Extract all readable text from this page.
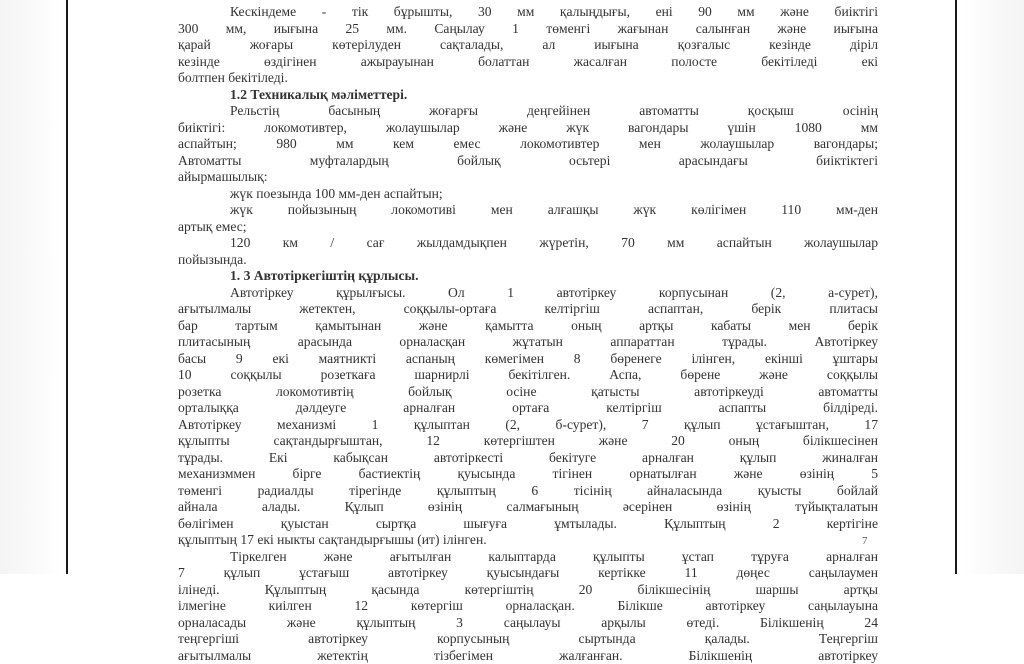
Кескіндеме - тік бұрышты, 30 мм қалыңдығы, ені 90 мм және биіктігі
300 мм, иығына 25 мм. Саңылау 1 төменгі жағынан салынған және иығына
қарай жоғары көтерілуден сақталады, ал иығына қозғалыс кезінде діріл
кезінде өздігінен ажырауынан болаттан жасалған полосте бекітіледі екі
болтпен бекітіледі.
1.2 Техникалық мәліметтері.
Рельстің басының жоғарғы деңгейінен автоматты қосқыш осінің
биіктігі: локомотивтер, жолаушылар және жүк вагондары үшін 1080 мм
аспайтын; 980 мм кем емес локомотивтер мен жолаушылар вагондары;
Автоматты муфталардың бойлық осьтері арасындағы биіктіктегі
айырмашылық:
жүк поезында 100 мм-ден аспайтын;
жүк пойызының локомотиві мен алғашқы жүк көлігімен 110 мм-ден
артық емес;
120 км / сағ жылдамдықпен жүретін, 70 мм аспайтын жолаушылар
пойызында.
1. 3 Автотіркегіштің құрлысы.
Автотіркеу құрылғысы. Ол 1 автотіркеу корпусынан (2, а-сурет),
ағытылмалы жетектен, соққылы-ортаға келтіргіш аспаптан, берік плитасы
бар тартым қамытынан және қамытта оның артқы кабаты мен берік
плитасының арасында орналасқан жұтатын аппараттан тұрады. Автотіркеу
басы 9 екі маятникті аспаның көмегімен 8 бөренеге ілінген, екінші ұштары
10 соққылы розеткаға шарнирлі бекітілген. Аспа, бөрене және соққылы
розетка локомотивтің бойлық осіне қатысты автотіркеуді автоматты
орталыққа дәлдеуге арналған ортаға келтіргіш аспапты білдіреді.
Автотіркеу механизмі 1 құлыптан (2, б-сурет), 7 құлып ұстағыштан, 17
құлыпты сақтандырғыштан, 12 көтергіштен және 20 оның білікшесінен
тұрады. Екі кабықсан автотіркесті бекітуге арналған құлып жиналған
механизммен бірге бастиектің қуысында тігінен орнатылған және өзінің 5
төменгі радиалды тірегінде құлыптың 6 тісінің айналасында қуысты бойлай
айнала алады. Құлып өзінің салмағының әсерінен өзінің түйықталатын
бөлігімен қуыстан сыртқа шығуға ұмтылады. Құлыптың 2 кертігіне
құлыптың 17 екі ныкты сақтандырғышы (ит) ілінген.
Тіркелген және ағытылған калыптарда құлыпты ұстап тұруға арналған
7 құлып ұстағыш автотіркеу қуысындағы кертікке 11 дөңес саңылаумен
ілінеді. Құлыптың қасында көтергіштің 20 білікшесінің шаршы артқы
ілмегіне киілген 12 көтергіш орналасқан. Білікше автотіркеу саңылауына
орналасады және құлыптың 3 саңылауы арқылы өтеді. Білікшенің 24
теңгергіші автотіркеу корпусының сыртында қалады. Теңгергіш
ағытылмалы жетектің тізбегімен жалғанған. Білікшенің автотіркеу
7
